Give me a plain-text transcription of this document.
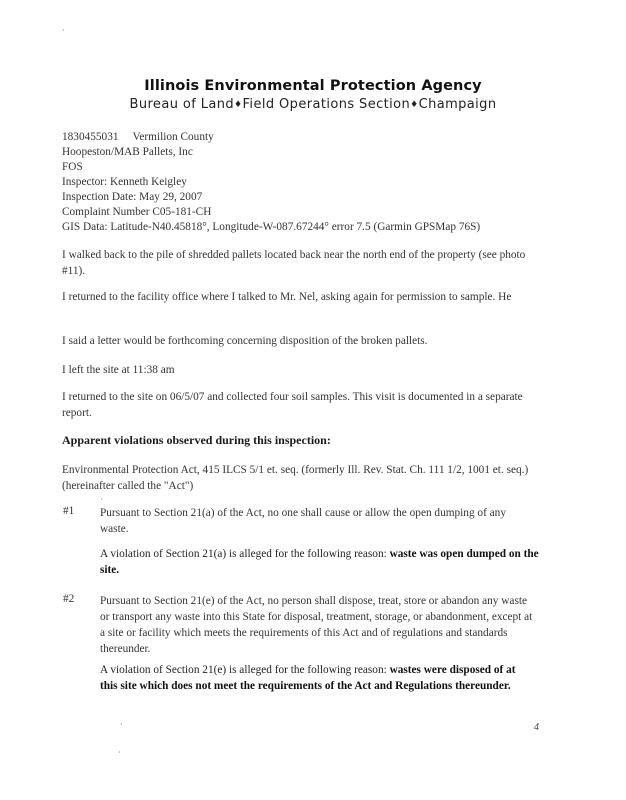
Illinois Environmental Protection Agency
Bureau of Land♦Field Operations Section♦Champaign
1830455031 Vermilion County
Hoopeston/MAB Pallets, Inc
FOS
Inspector: Kenneth Keigley
Inspection Date: May 29, 2007
Complaint Number C05-181-CH
GIS Data: Latitude-N40.45818°, Longitude-W-087.67244° error 7.5 (Garmin GPSMap 76S)
I walked back to the pile of shredded pallets located back near the north end of the property (see photo #11).
I returned to the facility office where I talked to Mr. Nel, asking again for permission to sample. He
I said a letter would be forthcoming concerning disposition of the broken pallets.
I left the site at 11:38 am
I returned to the site on 06/5/07 and collected four soil samples. This visit is documented in a separate report.
Apparent violations observed during this inspection:
Environmental Protection Act, 415 ILCS 5/1 et. seq. (formerly Ill. Rev. Stat. Ch. 111 1/2, 1001 et. seq.) (hereinafter called the "Act")
#1 Pursuant to Section 21(a) of the Act, no one shall cause or allow the open dumping of any waste.
A violation of Section 21(a) is alleged for the following reason: waste was open dumped on the site.
#2 Pursuant to Section 21(e) of the Act, no person shall dispose, treat, store or abandon any waste or transport any waste into this State for disposal, treatment, storage, or abandonment, except at a site or facility which meets the requirements of this Act and of regulations and standards thereunder.
A violation of Section 21(e) is alleged for the following reason: wastes were disposed of at this site which does not meet the requirements of the Act and Regulations thereunder.
4
·
·
·
·
